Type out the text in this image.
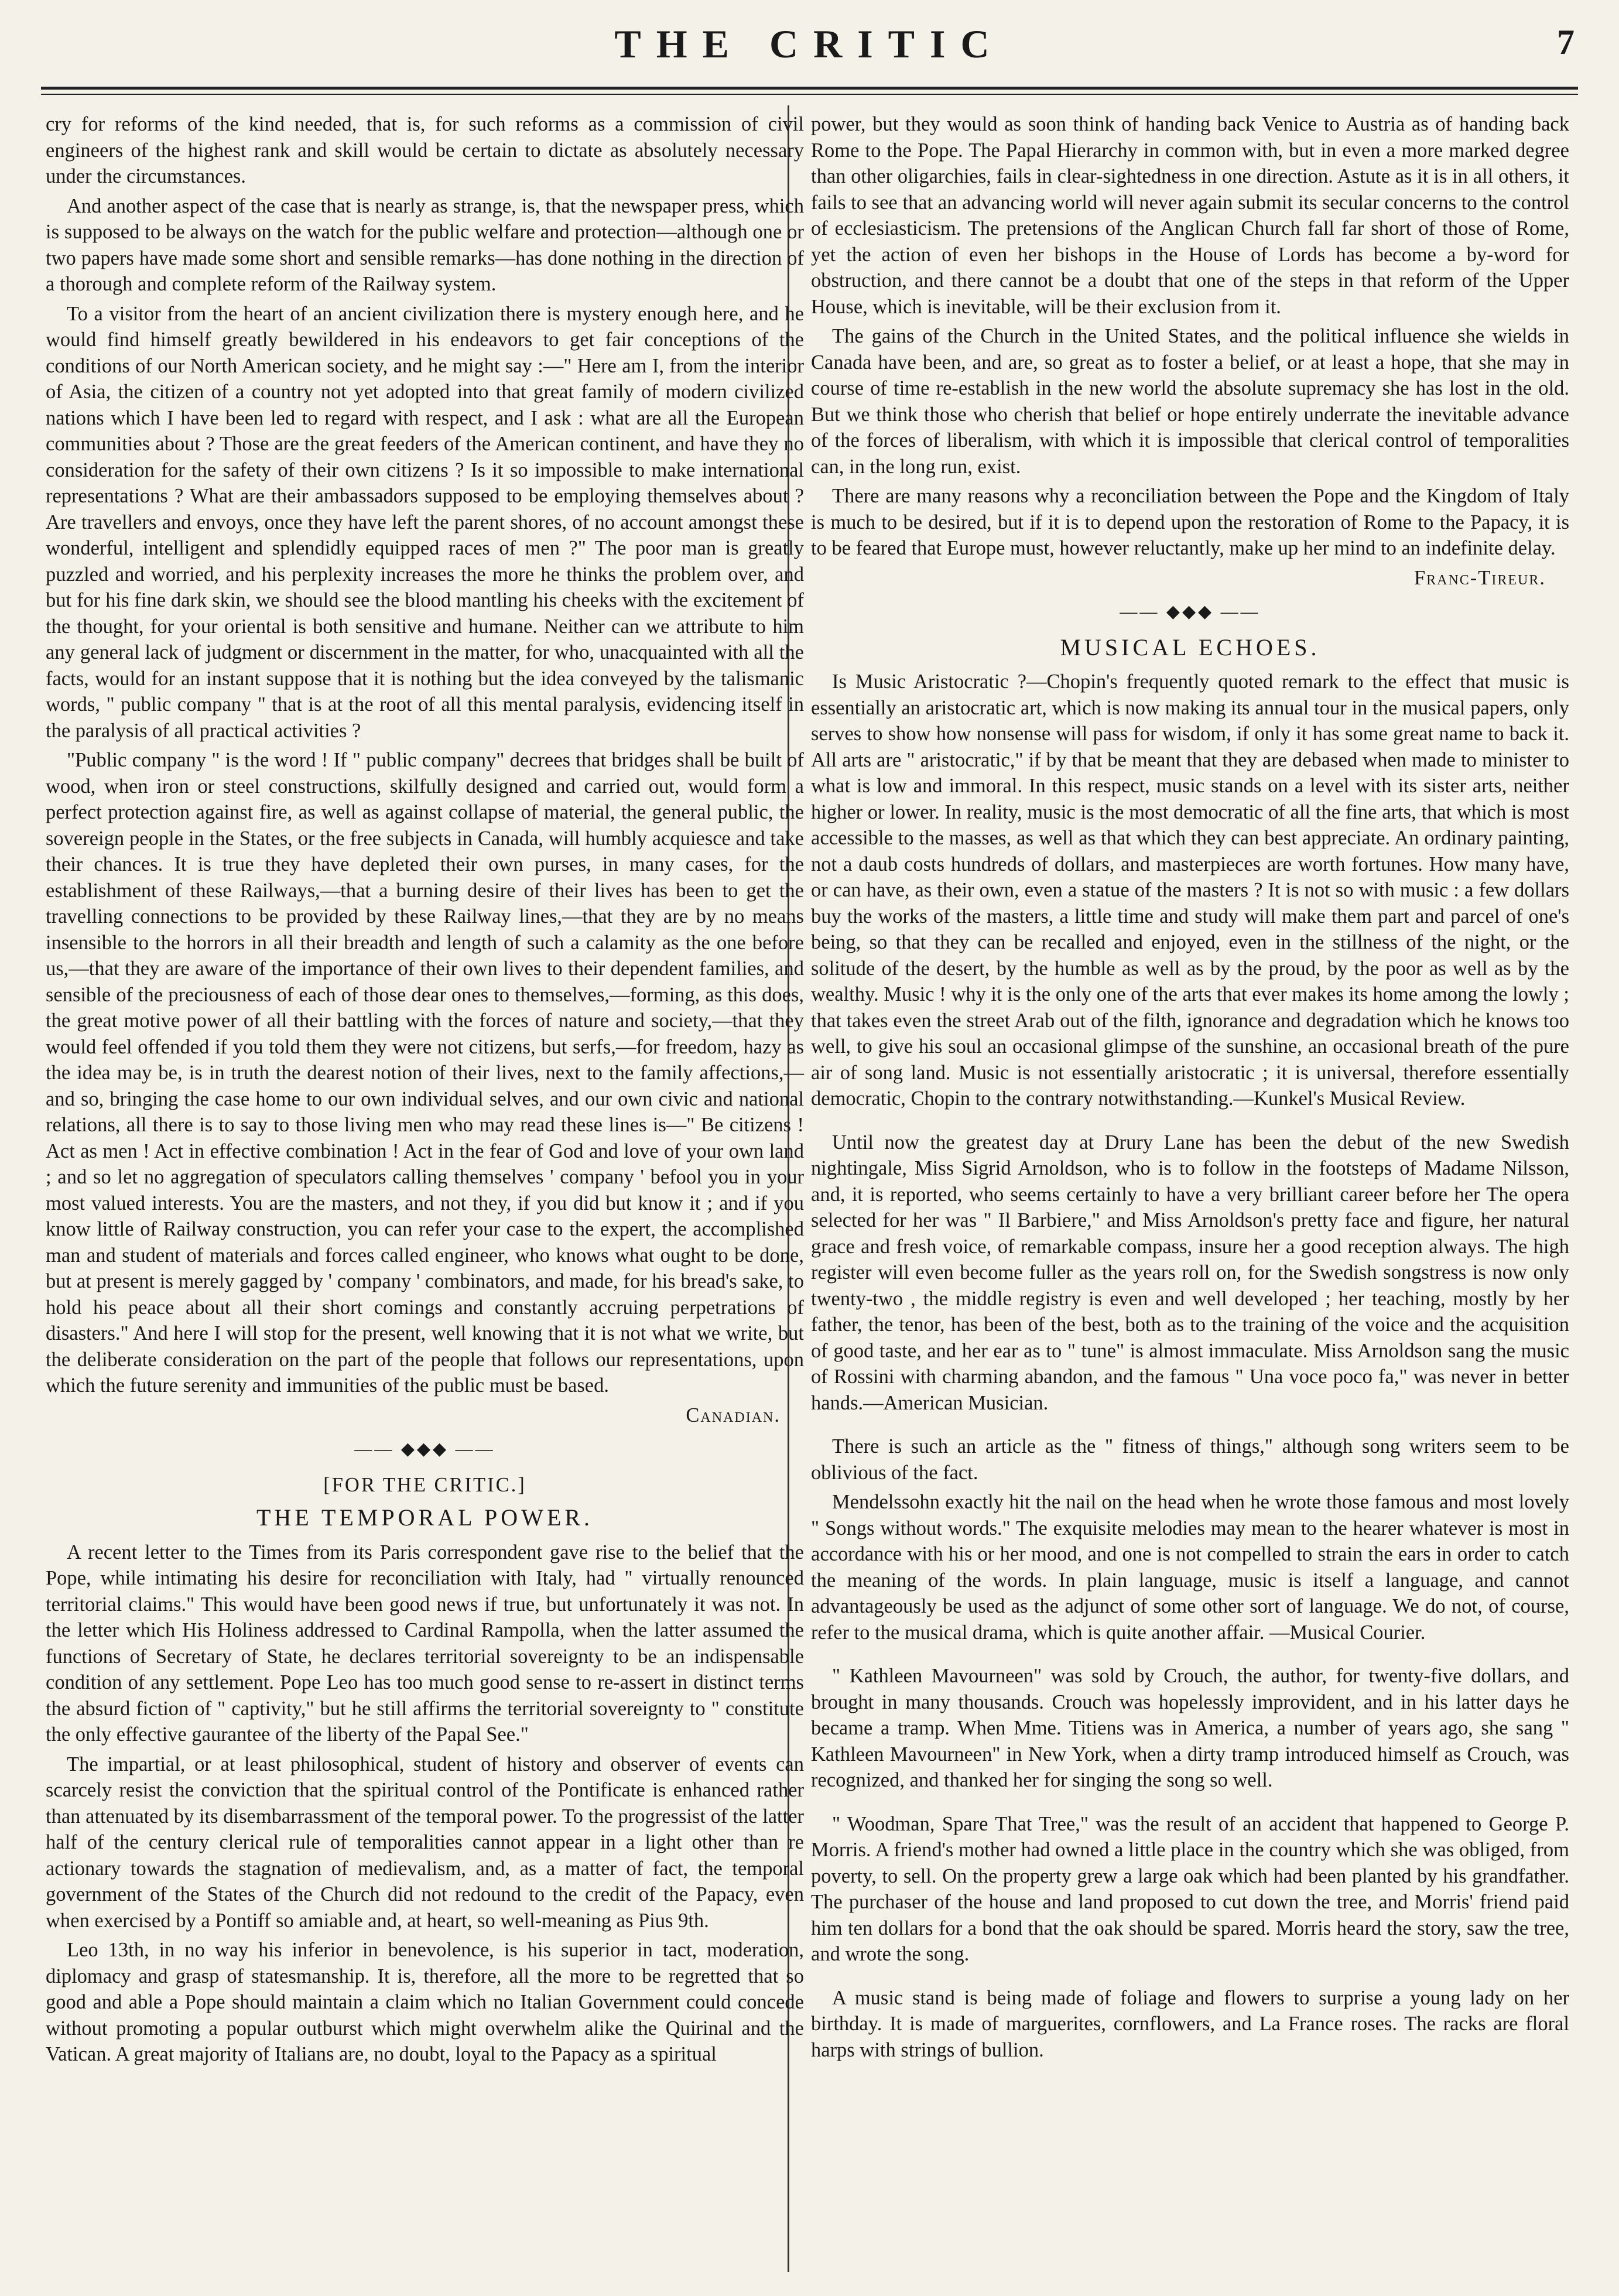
THE CRITIC	7

cry for reforms of the kind needed, that is, for such reforms as a commission of civil engineers of the highest rank and skill would be certain to dictate as absolutely necessary under the circumstances.

And another aspect of the case that is nearly as strange, is, that the newspaper press, which is supposed to be always on the watch for the public welfare and protection—although one or two papers have made some short and sensible remarks—has done nothing in the direction of a thorough and complete reform of the Railway system.

To a visitor from the heart of an ancient civilization there is mystery enough here, and he would find himself greatly bewildered in his endeavors to get fair conceptions of the conditions of our North American society, and he might say :—" Here am I, from the interior of Asia, the citizen of a country not yet adopted into that great family of modern civilized nations which I have been led to regard with respect, and I ask : what are all the European communities about ? Those are the great feeders of the American continent, and have they no consideration for the safety of their own citizens ? Is it so impossible to make international representations ? What are their ambassadors supposed to be employing themselves about ? Are travellers and envoys, once they have left the parent shores, of no account amongst these wonderful, intelligent and splendidly equipped races of men ?" The poor man is greatly puzzled and worried, and his perplexity increases the more he thinks the problem over, and but for his fine dark skin, we should see the blood mantling his cheeks with the excitement of the thought, for your oriental is both sensitive and humane. Neither can we attribute to him any general lack of judgment or discernment in the matter, for who, unacquainted with all the facts, would for an instant suppose that it is nothing but the idea conveyed by the talismanic words, " public company " that is at the root of all this mental paralysis, evidencing itself in the paralysis of all practical activities ?

"Public company " is the word ! If " public company" decrees that bridges shall be built of wood, when iron or steel constructions, skilfully designed and carried out, would form a perfect protection against fire, as well as against collapse of material, the general public, the sovereign people in the States, or the free subjects in Canada, will humbly acquiesce and take their chances. It is true they have depleted their own purses, in many cases, for the establishment of these Railways,—that a burning desire of their lives has been to get the travelling connections to be provided by these Railway lines,—that they are by no means insensible to the horrors in all their breadth and length of such a calamity as the one before us,—that they are aware of the importance of their own lives to their dependent families, and sensible of the preciousness of each of those dear ones to themselves,—forming, as this does, the great motive power of all their battling with the forces of nature and society,—that they would feel offended if you told them they were not citizens, but serfs,—for freedom, hazy as the idea may be, is in truth the dearest notion of their lives, next to the family affections,—and so, bringing the case home to our own individual selves, and our own civic and national relations, all there is to say to those living men who may read these lines is—" Be citizens ! Act as men ! Act in effective combination ! Act in the fear of God and love of your own land ; and so let no aggregation of speculators calling themselves ' company ' befool you in your most valued interests. You are the masters, and not they, if you did but know it ; and if you know little of Railway construction, you can refer your case to the expert, the accomplished man and student of materials and forces called engineer, who knows what ought to be done, but at present is merely gagged by ' company ' combinators, and made, for his bread's sake, to hold his peace about all their short comings and constantly accruing perpetrations of disasters." And here I will stop for the present, well knowing that it is not what we write, but the deliberate consideration on the part of the people that follows our representations, upon which the future serenity and immunities of the public must be based.

Canadian.
—— ◆◆◆ ——
[FOR THE CRITIC.]
THE TEMPORAL POWER.

A recent letter to the Times from its Paris correspondent gave rise to the belief that the Pope, while intimating his desire for reconciliation with Italy, had " virtually renounced territorial claims." This would have been good news if true, but unfortunately it was not. In the letter which His Holiness addressed to Cardinal Rampolla, when the latter assumed the functions of Secretary of State, he declares territorial sovereignty to be an indispensable condition of any settlement. Pope Leo has too much good sense to re-assert in distinct terms the absurd fiction of " captivity," but he still affirms the territorial sovereignty to " constitute the only effective gaurantee of the liberty of the Papal See."

The impartial, or at least philosophical, student of history and observer of events can scarcely resist the conviction that the spiritual control of the Pontificate is enhanced rather than attenuated by its disembarrassment of the temporal power. To the progressist of the latter half of the century clerical rule of temporalities cannot appear in a light other than re actionary towards the stagnation of medievalism, and, as a matter of fact, the temporal government of the States of the Church did not redound to the credit of the Papacy, even when exercised by a Pontiff so amiable and, at heart, so well-meaning as Pius 9th.

Leo 13th, in no way his inferior in benevolence, is his superior in tact, moderation, diplomacy and grasp of statesmanship. It is, therefore, all the more to be regretted that so good and able a Pope should maintain a claim which no Italian Government could concede without promoting a popular outburst which might overwhelm alike the Quirinal and the Vatican. A great majority of Italians are, no doubt, loyal to the Papacy as a spiritual

power, but they would as soon think of handing back Venice to Austria as of handing back Rome to the Pope. The Papal Hierarchy in common with, but in even a more marked degree than other oligarchies, fails in clear-sightedness in one direction. Astute as it is in all others, it fails to see that an advancing world will never again submit its secular concerns to the control of ecclesiasticism. The pretensions of the Anglican Church fall far short of those of Rome, yet the action of even her bishops in the House of Lords has become a by-word for obstruction, and there cannot be a doubt that one of the steps in that reform of the Upper House, which is inevitable, will be their exclusion from it.

The gains of the Church in the United States, and the political influence she wields in Canada have been, and are, so great as to foster a belief, or at least a hope, that she may in course of time re-establish in the new world the absolute supremacy she has lost in the old. But we think those who cherish that belief or hope entirely underrate the inevitable advance of the forces of liberalism, with which it is impossible that clerical control of temporalities can, in the long run, exist.

There are many reasons why a reconciliation between the Pope and the Kingdom of Italy is much to be desired, but if it is to depend upon the restoration of Rome to the Papacy, it is to be feared that Europe must, however reluctantly, make up her mind to an indefinite delay.

Franc-Tireur.
—— ◆◆◆ ——
MUSICAL ECHOES.

Is Music Aristocratic ?—Chopin's frequently quoted remark to the effect that music is essentially an aristocratic art, which is now making its annual tour in the musical papers, only serves to show how nonsense will pass for wisdom, if only it has some great name to back it. All arts are " aristocratic," if by that be meant that they are debased when made to minister to what is low and immoral. In this respect, music stands on a level with its sister arts, neither higher or lower. In reality, music is the most democratic of all the fine arts, that which is most accessible to the masses, as well as that which they can best appreciate. An ordinary painting, not a daub costs hundreds of dollars, and masterpieces are worth fortunes. How many have, or can have, as their own, even a statue of the masters ? It is not so with music : a few dollars buy the works of the masters, a little time and study will make them part and parcel of one's being, so that they can be recalled and enjoyed, even in the stillness of the night, or the solitude of the desert, by the humble as well as by the proud, by the poor as well as by the wealthy. Music ! why it is the only one of the arts that ever makes its home among the lowly ; that takes even the street Arab out of the filth, ignorance and degradation which he knows too well, to give his soul an occasional glimpse of the sunshine, an occasional breath of the pure air of song land. Music is not essentially aristocratic ; it is universal, therefore essentially democratic, Chopin to the contrary notwithstanding.—Kunkel's Musical Review.

Until now the greatest day at Drury Lane has been the debut of the new Swedish nightingale, Miss Sigrid Arnoldson, who is to follow in the footsteps of Madame Nilsson, and, it is reported, who seems certainly to have a very brilliant career before her The opera selected for her was " Il Barbiere," and Miss Arnoldson's pretty face and figure, her natural grace and fresh voice, of remarkable compass, insure her a good reception always. The high register will even become fuller as the years roll on, for the Swedish songstress is now only twenty-two , the middle registry is even and well developed ; her teaching, mostly by her father, the tenor, has been of the best, both as to the training of the voice and the acquisition of good taste, and her ear as to " tune" is almost immaculate. Miss Arnoldson sang the music of Rossini with charming abandon, and the famous " Una voce poco fa," was never in better hands.—American Musician.

There is such an article as the " fitness of things," although song writers seem to be oblivious of the fact.

Mendelssohn exactly hit the nail on the head when he wrote those famous and most lovely " Songs without words." The exquisite melodies may mean to the hearer whatever is most in accordance with his or her mood, and one is not compelled to strain the ears in order to catch the meaning of the words. In plain language, music is itself a language, and cannot advantageously be used as the adjunct of some other sort of language. We do not, of course, refer to the musical drama, which is quite another affair. —Musical Courier.

" Kathleen Mavourneen" was sold by Crouch, the author, for twenty-five dollars, and brought in many thousands. Crouch was hopelessly improvident, and in his latter days he became a tramp. When Mme. Titiens was in America, a number of years ago, she sang " Kathleen Mavourneen" in New York, when a dirty tramp introduced himself as Crouch, was recognized, and thanked her for singing the song so well.

" Woodman, Spare That Tree," was the result of an accident that happened to George P. Morris. A friend's mother had owned a little place in the country which she was obliged, from poverty, to sell. On the property grew a large oak which had been planted by his grandfather. The purchaser of the house and land proposed to cut down the tree, and Morris' friend paid him ten dollars for a bond that the oak should be spared. Morris heard the story, saw the tree, and wrote the song.

A music stand is being made of foliage and flowers to surprise a young lady on her birthday. It is made of marguerites, cornflowers, and La France roses. The racks are floral harps with strings of bullion.
